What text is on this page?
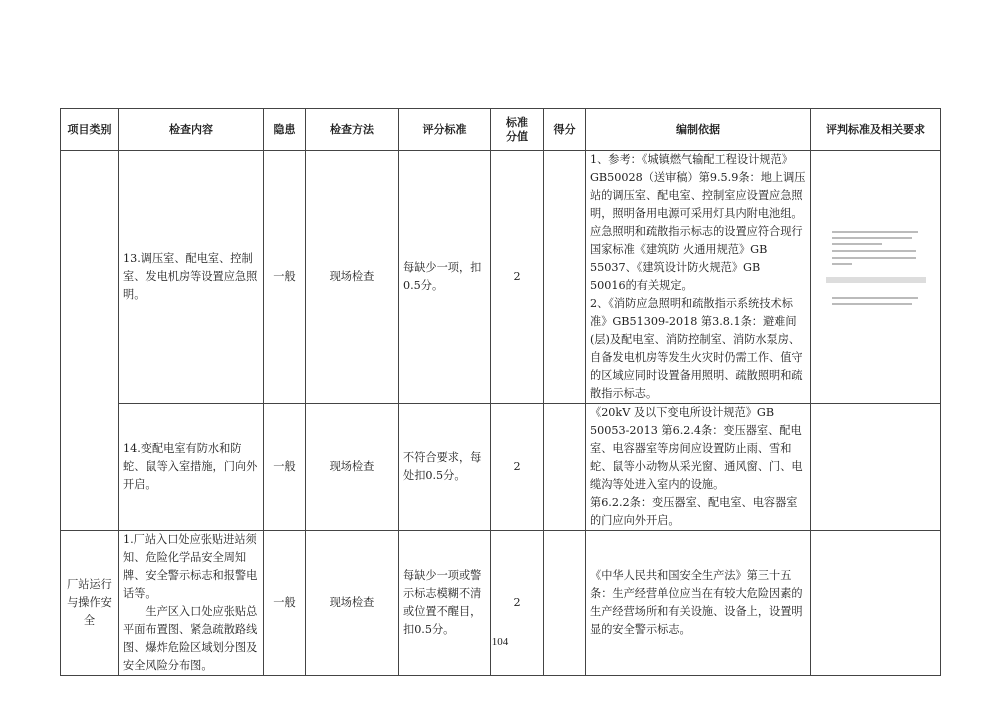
项目类别	检查内容	隐患	检查方法	评分标准	标准分值	得分	编制依据	评判标准及相关要求
	13.调压室、配电室、控制室、发电机房等设置应急照明。	一般	现场检查	每缺少一项，扣0.5分。	2		1、参考：《城镇燃气输配工程设计规范》GB50028（送审稿）第9.5.9条：地上调压站的调压室、配电室、控制室应设置应急照明，照明备用电源可采用灯具内附电池组。应急照明和疏散指示标志的设置应符合现行国家标准《建筑防 火通用规范》GB 55037、《建筑设计防火规范》GB　50016的有关规定。
2、《消防应急照明和疏散指示系统技术标准》GB51309-2018 第3.8.1条：避难间(层)及配电室、消防控制室、消防水泵房、自备发电机房等发生火灾时仍需工作、值守的区域应同时设置备用照明、疏散照明和疏散指示标志。	

	14.变配电室有防水和防蛇、鼠等入室措施，门向外开启。	一般	现场检查	不符合要求，每处扣0.5分。	2		《20kV 及以下变电所设计规范》GB 50053-2013 第6.2.4条：变压器室、配电室、电容器室等房间应设置防止雨、雪和蛇、鼠等小动物从采光窗、通风窗、门、电缆沟等处进入室内的设施。
第6.2.2条：变压器室、配电室、电容器室的门应向外开启。	

厂站运行与操作安全	1.厂站入口处应张贴进站须知、危险化学品安全周知牌、安全警示标志和报警电话等。
生产区入口处应张贴总平面布置图、紧急疏散路线图、爆炸危险区域划分图及安全风险分布图。	一般	现场检查	每缺少一项或警示标志模糊不清或位置不醒目，扣0.5分。	2		《中华人民共和国安全生产法》第三十五条：生产经营单位应当在有较大危险因素的生产经营场所和有关设施、设备上，设置明显的安全警示标志。	
104
